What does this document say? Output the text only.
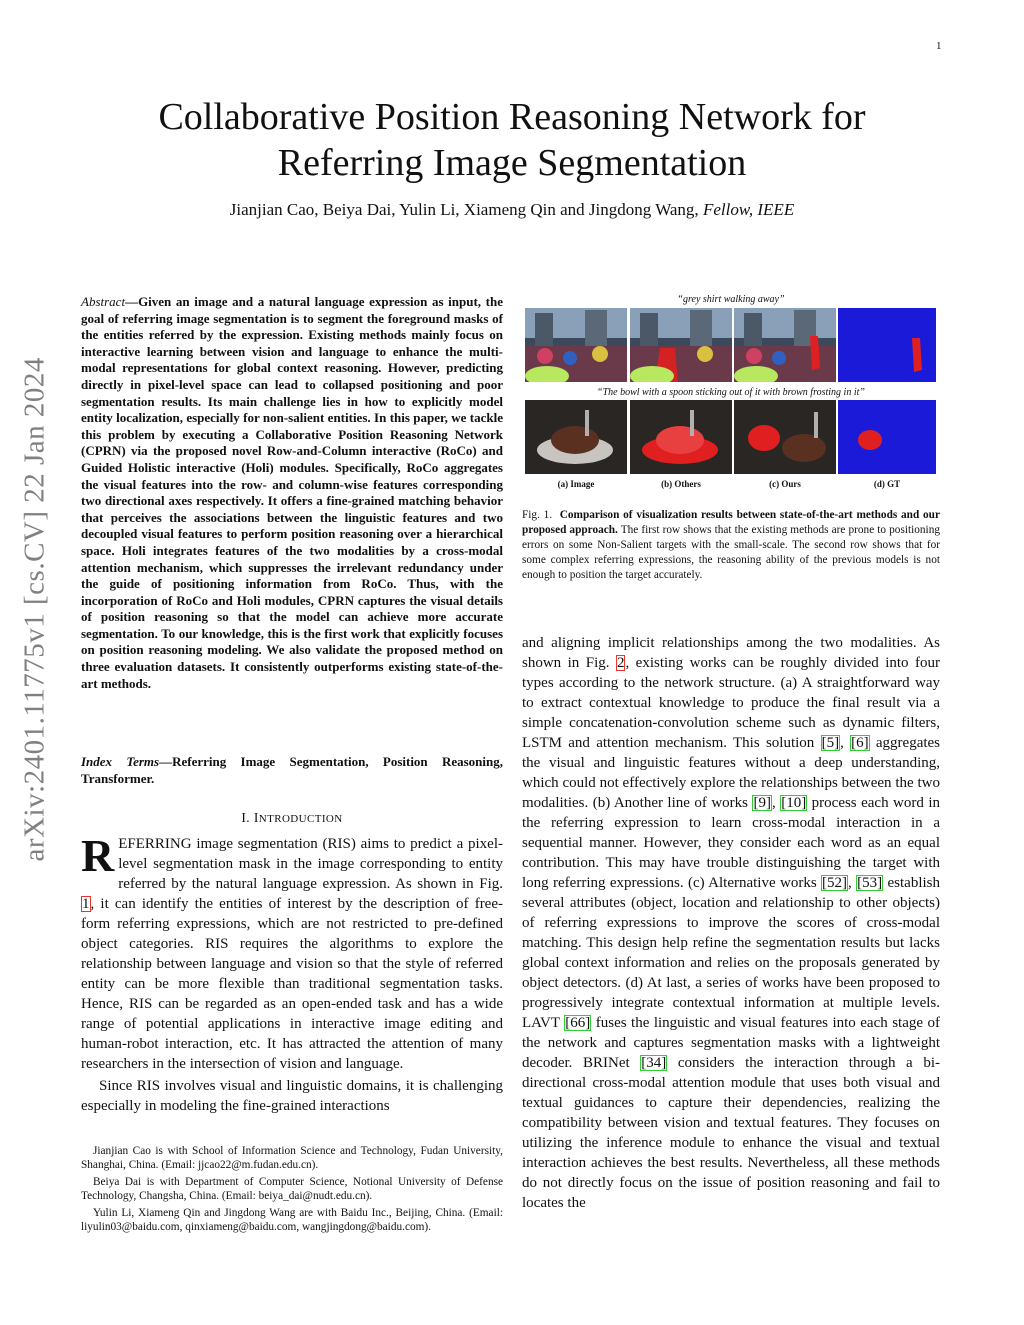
1
Collaborative Position Reasoning Network for
Referring Image Segmentation
Jianjian Cao, Beiya Dai, Yulin Li, Xiameng Qin and Jingdong Wang, Fellow, IEEE
arXiv:2401.11775v1 [cs.CV] 22 Jan 2024
Abstract—Given an image and a natural language expression as input, the goal of referring image segmentation is to segment the foreground masks of the entities referred by the expression. Existing methods mainly focus on interactive learning between vision and language to enhance the multi-modal representations for global context reasoning. However, predicting directly in pixel-level space can lead to collapsed positioning and poor segmentation results. Its main challenge lies in how to explicitly model entity localization, especially for non-salient entities. In this paper, we tackle this problem by executing a Collaborative Position Reasoning Network (CPRN) via the proposed novel Row-and-Column interactive (RoCo) and Guided Holistic interactive (Holi) modules. Specifically, RoCo aggregates the visual features into the row- and column-wise features corresponding two directional axes respectively. It offers a fine-grained matching behavior that perceives the associations between the linguistic features and two decoupled visual features to perform position reasoning over a hierarchical space. Holi integrates features of the two modalities by a cross-modal attention mechanism, which suppresses the irrelevant redundancy under the guide of positioning information from RoCo. Thus, with the incorporation of RoCo and Holi modules, CPRN captures the visual details of position reasoning so that the model can achieve more accurate segmentation. To our knowledge, this is the first work that explicitly focuses on position reasoning modeling. We also validate the proposed method on three evaluation datasets. It consistently outperforms existing state-of-the-art methods.
Index Terms—Referring Image Segmentation, Position Reasoning, Transformer.
I. INTRODUCTION
REFERRING image segmentation (RIS) aims to predict a pixel-level segmentation mask in the image corresponding to entity referred by the natural language expression. As shown in Fig. 1, it can identify the entities of interest by the description of free-form referring expressions, which are not restricted to pre-defined object categories. RIS requires the algorithms to explore the relationship between language and vision so that the style of referred entity can be more flexible than traditional segmentation tasks. Hence, RIS can be regarded as an open-ended task and has a wide range of potential applications in interactive image editing and human-robot interaction, etc. It has attracted the attention of many researchers in the intersection of vision and language.
Since RIS involves visual and linguistic domains, it is challenging especially in modeling the fine-grained interactions

Jianjian Cao is with School of Information Science and Technology, Fudan University, Shanghai, China. (Email: jjcao22@m.fudan.edu.cn).

Beiya Dai is with Department of Computer Science, Notional University of Defense Technology, Changsha, China. (Email: beiya_dai@nudt.edu.cn).

Yulin Li, Xiameng Qin and Jingdong Wang are with Baidu Inc., Beijing, China. (Email: liyulin03@baidu.com, qinxiameng@baidu.com, wangjingdong@baidu.com).

“grey shirt walking away”
“The bowl with a spoon sticking out of it with brown frosting in it”
(a) Image	(b) Others	(c) Ours	(d) GT
Fig. 1. Comparison of visualization results between state-of-the-art methods and our proposed approach. The first row shows that the existing methods are prone to positioning errors on some Non-Salient targets with the small-scale. The second row shows that for some complex referring expressions, the reasoning ability of the previous models is not enough to position the target accurately.
and aligning implicit relationships among the two modalities. As shown in Fig. 2, existing works can be roughly divided into four types according to the network structure. (a) A straightforward way to extract contextual knowledge to produce the final result via a simple concatenation-convolution scheme such as dynamic filters, LSTM and attention mechanism. This solution [5], [6] aggregates the visual and linguistic features without a deep understanding, which could not effectively explore the relationships between the two modalities. (b) Another line of works [9], [10] process each word in the referring expression to learn cross-modal interaction in a sequential manner. However, they consider each word as an equal contribution. This may have trouble distinguishing the target with long referring expressions. (c) Alternative works [52], [53] establish several attributes (object, location and relationship to other objects) of referring expressions to improve the scores of cross-modal matching. This design help refine the segmentation results but lacks global context information and relies on the proposals generated by object detectors. (d) At last, a series of works have been proposed to progressively integrate contextual information at multiple levels. LAVT [66] fuses the linguistic and visual features into each stage of the network and captures segmentation masks with a lightweight decoder. BRINet [34] considers the interaction through a bi-directional cross-modal attention module that uses both visual and textual guidances to capture their dependencies, realizing the compatibility between vision and textual features. They focuses on utilizing the inference module to enhance the visual and textual interaction achieves the best results. Nevertheless, all these methods do not directly focus on the issue of position reasoning and fail to locates the
